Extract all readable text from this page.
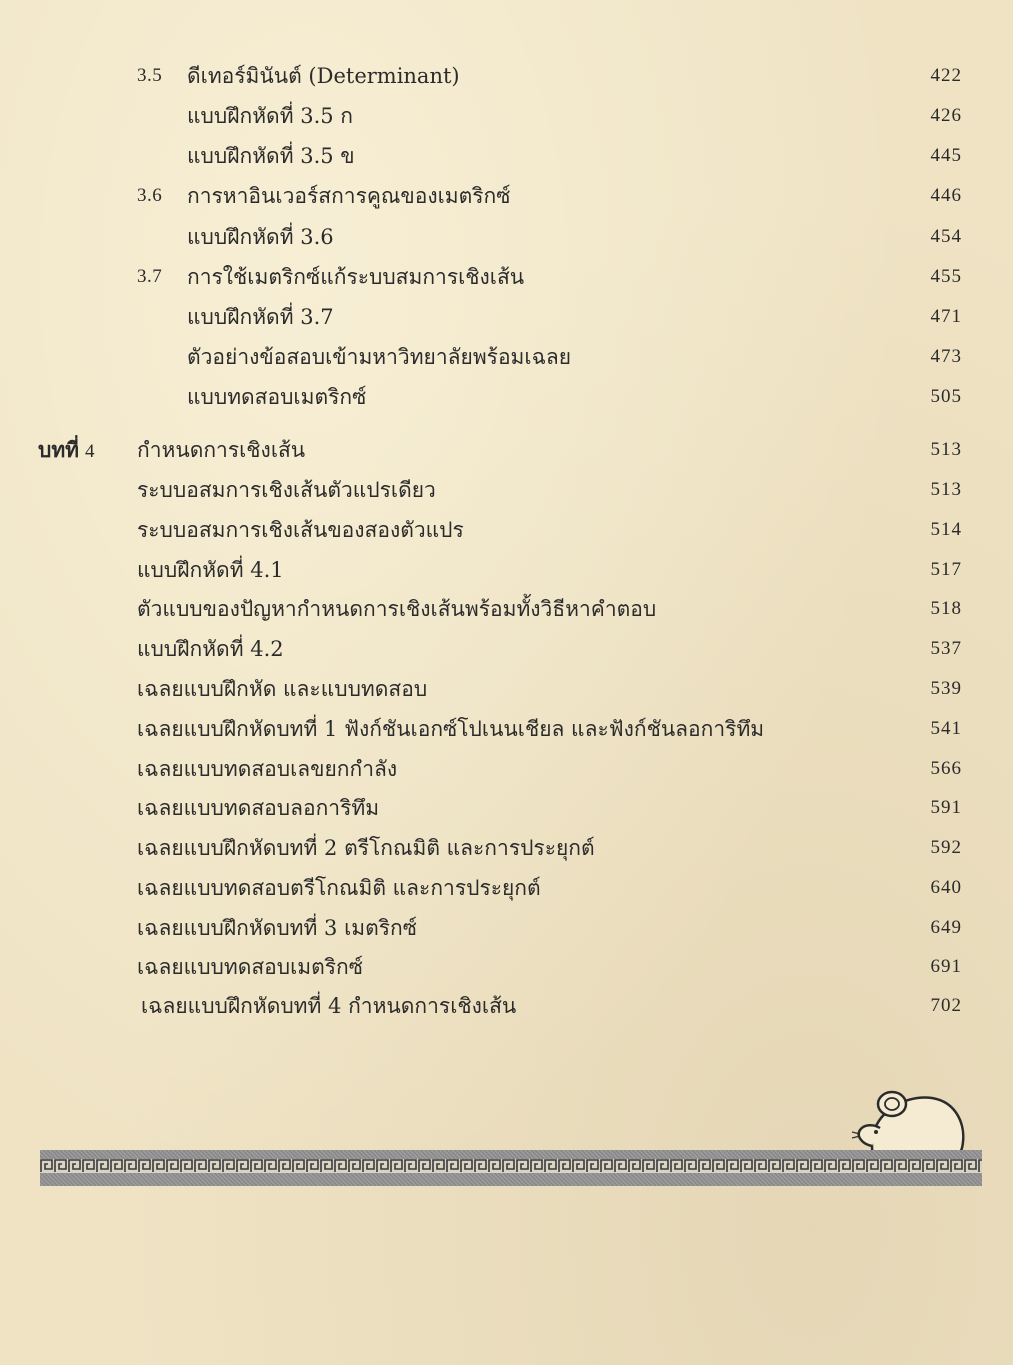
3.5 ดีเทอร์มินันต์ (Determinant)	422
แบบฝึกหัดที่ 3.5 ก	426
แบบฝึกหัดที่ 3.5 ข	445
3.6 การหาอินเวอร์สการคูณของเมตริกซ์	446
แบบฝึกหัดที่ 3.6	454
3.7 การใช้เมตริกซ์แก้ระบบสมการเชิงเส้น	455
แบบฝึกหัดที่ 3.7	471
ตัวอย่างข้อสอบเข้ามหาวิทยาลัยพร้อมเฉลย	473
แบบทดสอบเมตริกซ์	505
บทที่ 4 กำหนดการเชิงเส้น	513
ระบบอสมการเชิงเส้นตัวแปรเดียว	513
ระบบอสมการเชิงเส้นของสองตัวแปร	514
แบบฝึกหัดที่ 4.1	517
ตัวแบบของปัญหากำหนดการเชิงเส้นพร้อมทั้งวิธีหาคำตอบ	518
แบบฝึกหัดที่ 4.2	537
เฉลยแบบฝึกหัด และแบบทดสอบ	539
เฉลยแบบฝึกหัดบทที่ 1 ฟังก์ชันเอกซ์โปเนนเชียล และฟังก์ชันลอการิทึม	541
เฉลยแบบทดสอบเลขยกกำลัง	566
เฉลยแบบทดสอบลอการิทึม	591
เฉลยแบบฝึกหัดบทที่ 2 ตรีโกณมิติ และการประยุกต์	592
เฉลยแบบทดสอบตรีโกณมิติ และการประยุกต์	640
เฉลยแบบฝึกหัดบทที่ 3 เมตริกซ์	649
เฉลยแบบทดสอบเมตริกซ์	691
เฉลยแบบฝึกหัดบทที่ 4 กำหนดการเชิงเส้น	702
